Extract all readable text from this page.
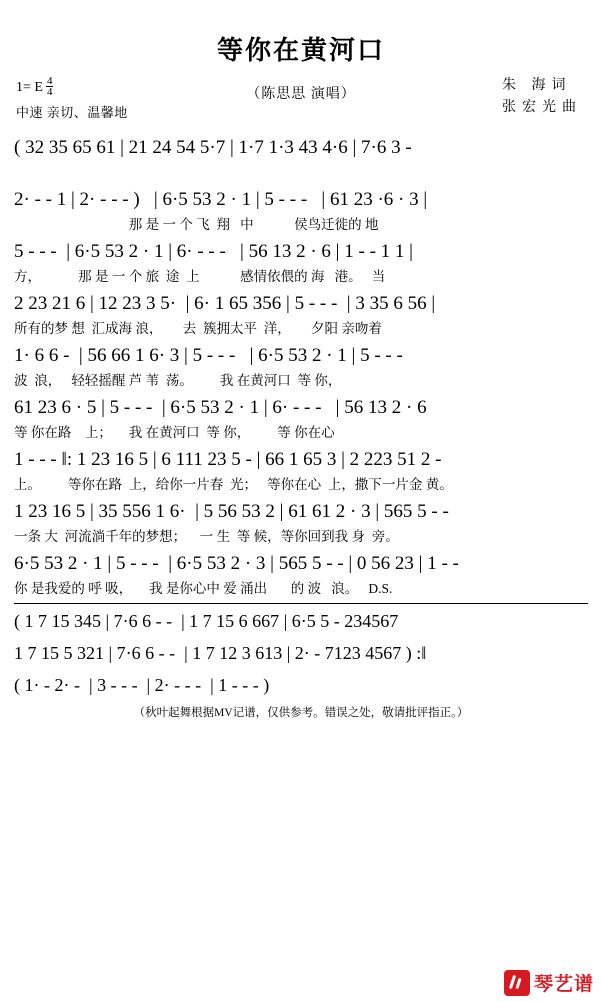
等你在黄河口
1= E $\frac{4}{4}$
中速 亲切、温馨地
（陈思思 演唱）
朱 海词
张宏光曲
( 32 35 65 61 | 21 24 54 5·7 | 1·7 1·3 43 4·6 | 7·6 3 -
2· - - 1 | 2· - - - )   | 6·5 53 2 · 1 | 5 - - -   | 61 23 ·6 · 3 |
那 是 一 个 飞  翔   中            侯鸟迁徙的 地
5 - - -  | 6·5 53 2 · 1 | 6· - - -   | 56 13 2 · 6 | 1 - - 1 1 |
方，           那 是 一 个 旅  途  上            感情依偎的 海   港。   当
2 23 21 6 | 12 23 3 5·  | 6· 1 65 356 | 5 - - -  | 3 35 6 56 |
所有的梦 想  汇成海 浪，      去  簇拥太平  洋，      夕阳 亲吻着
1· 6 6 -  | 56 66 1 6· 3 | 5 - - -   | 6·5 53 2 · 1 | 5 - - -
波  浪，   轻轻摇醒 芦 苇  荡。        我 在黄河口  等 你，
61 23 6 · 5 | 5 - - -  | 6·5 53 2 · 1 | 6· - - -   | 56 13 2 · 6
等 你在路    上；     我 在黄河口  等 你，        等 你在心
1 - - - ‖: 1 23 16 5 | 6 111 23 5 - | 66 1 65 3 | 2 223 51 2 -
上。        等你在路  上，给你一片春  光；   等你在心  上，撒下一片金 黄。
1 23 16 5 | 35 556 1 6·  | 5 56 53 2 | 61 61 2 · 3 | 565 5 - -
一条 大  河流淌千年的梦想；    一 生  等 候，等你回到我 身  旁。
6·5 53 2 · 1 | 5 - - -  | 6·5 53 2 · 3 | 565 5 - - | 0 56 23 | 1 - -
你 是我爱的 呼 吸，     我 是你心中 爱 涌出       的 波   浪。   D.S.
( 1 7 15 345 | 7·6 6 - -  | 1 7 15 6 667 | 6·5 5 - 234567
1 7 15 5 321 | 7·6 6 - -  | 1 7 12 3 613 | 2· - 7123 4567 ) :‖
( 1· - 2· -  | 3 - - -  | 2· - - -  | 1 - - - )
（秋叶起舞根据MV记谱，仅供参考。错误之处，敬请批评指正。）
琴艺谱
